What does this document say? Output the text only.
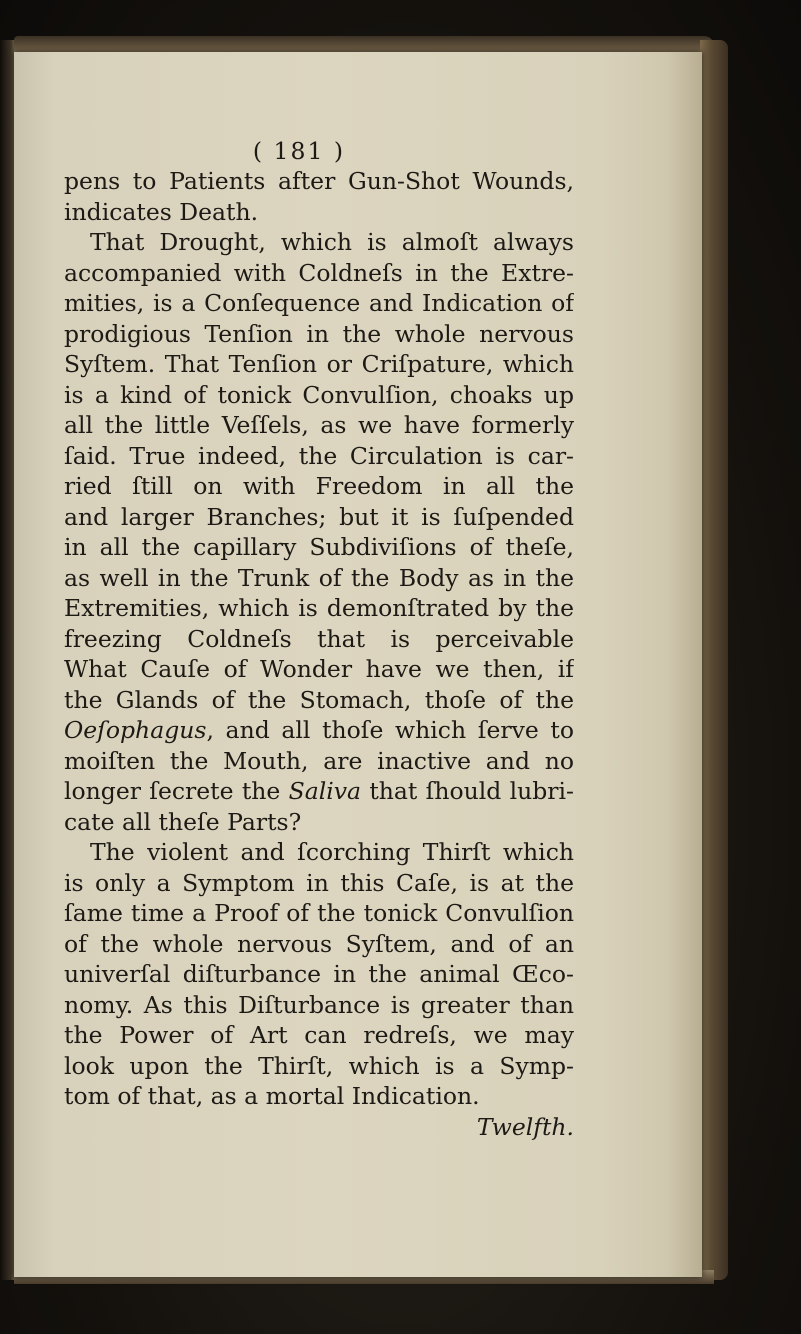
( 181 )
pens to Patients after Gun-Shot Wounds,
indicates Death.
That Drought, which is almoſt always
accompanied with Coldneſs in the Extre-
mities, is a Conſequence and Indication of
prodigious Tenſion in the whole nervous
Syſtem. That Tenſion or Criſpature, which
is a kind of tonick Convulſion, choaks up
all the little Veſſels, as we have formerly
ſaid. True indeed, the Circulation is car-
ried ſtill on with Freedom in all the
and larger Branches; but it is ſuſpended
in all the capillary Subdiviſions of theſe,
as well in the Trunk of the Body as in the
Extremities, which is demonſtrated by the
freezing Coldneſs that is perceivable
What Cauſe of Wonder have we then, if
the Glands of the Stomach, thoſe of the
Oeſophagus, and all thoſe which ſerve to
moiſten the Mouth, are inactive and no
longer ſecrete the Saliva that ſhould lubri-
cate all theſe Parts?
The violent and ſcorching Thirſt which
is only a Symptom in this Caſe, is at the
ſame time a Proof of the tonick Convulſion
of the whole nervous Syſtem, and of an
univerſal diſturbance in the animal Œco-
nomy. As this Diſturbance is greater than
the Power of Art can redreſs, we may
look upon the Thirſt, which is a Symp-
tom of that, as a mortal Indication.
Twelfth.
